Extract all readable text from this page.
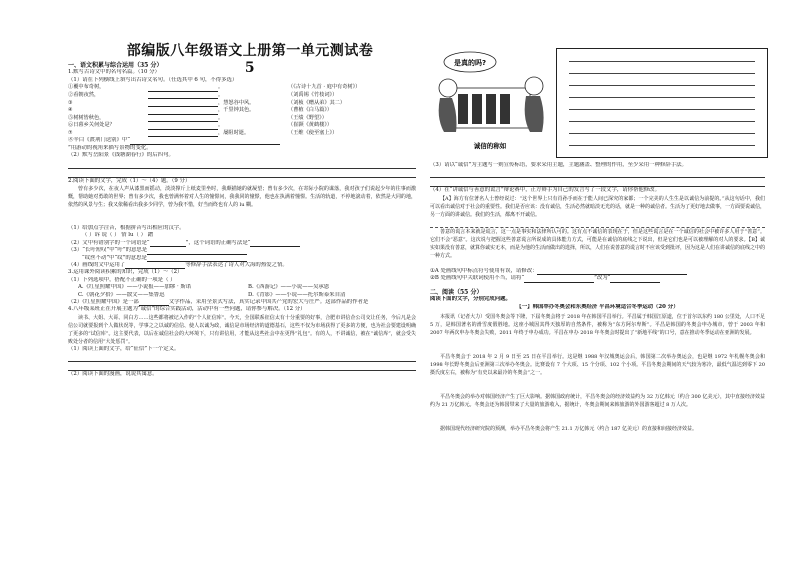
部编版八年级语文上册第一单元测试卷 5
一、语文积累与综合运用（35 分）
1.默写古诗文中的名句名篇。（10 分）
（1）请在下列横线上填写出古诗文名句。（任选其中 6 句，不得多选）
①覆中布奇树，	。	（《古诗十九首 · 庭中有奇树》）
②看朝夜然，	。	（刘禹锡《竹枝词》）
③	，慧怒谷中风。	（刘桢《赠从弟》其二）
④	，千里钟其色。	（曹植《白马篇》）
⑤树树皆秋色，	。	（王绩《野望》）
⑥日暮乡关何处是？	。	（崔颢《黄鹤楼》）
⑦	，屡阻时逝。	（王维《使至塞上》）
⑧辛白《渡荆门送别》中“
”用游动的视角来描写景物的变化。
（2）默写岳阳景《钱塘湖春行》的后四句。
2.阅读下面的文字，完成（1）～（4）题。（9 分）
曾有多少次，在夜人声从漆黑而摇动，淡淡撑斤上纸麦里坐时，我颇描她的就凝望；曾有多少次，在寄际小院的谋落，我对孩子们说起少年的往事而激慨，帮助她对勇敢的世界；曾有多少次，我也曾满怀着对人生的憧憬问，我我同的憧憬，他也在执满着憧憬。生活的轨道，不停地滚动着，依然是大同的地，依然的风景与生；我又依稀看出我多少同学，曾为我不惜，好当而终也有人的 lu 糊。
（1）给加点字注音，根据拼音写出相应的汉字。
（ ）诉 说（ ） 情 lu（ ） 蹭
（2）文中有错别字的一个词语是“	”，这个词语的正确写法是“
（3）“长吁短叹”中“吁”的意思是
“纹丝不动”中“纹”的意思是
（4）画线的文中运用了	等修辞手法表达了诗人对大海的热爱之情。
3.运用课外阅读积累的知识，完成（1）～（2）
（1）下列选项中，搭配不正确的一项是（ ）
A.《红星照耀中国》——小说报——加缪 · 斯诺	B.《西游记》——小说——吴承恩
C.《朝花夕拾》——散文——集鲁迅	D.《背影》——小说——托尔斯泰朱自清
（2）《红星照耀中国》是一部	文学作品，采用全景式写法，真实记录中国共产党的宏大与庄严。这部作品的作者是
4.八年级某班正在开展主题为“诚信”的综合实践活动，活动中有一些问题，请你参与解决。（12 分）
读书、大姐、大哥、同白方……这些都将被记入作的“个人征信库”。今天，全国联系征信太有十分重要的好事，合肥市讲信企公司交让任务，今后凡是会信公司就要报到个人做状况等，学事之之以诚的信信、使人以诚为政，诚信是市场经济的道德基石，这些不仅为市场获得了更多的方便，也为社会要建设明确了更多的“试信库”。这主要代表，以后在诚信社会的大环境下，只有讲信用，才能从这些社会中在更得“礼包”。有的人，不讲诚信，被在“诚信库”，就会受失败处分者的信用“大处惩罚”。
（1）阅读上面的文字，给“征信”下一个定义。
（2）阅读下面的漫画，说说其寓意。
是真的吗?
诚信的称如
（3）请以“诚信”为主题写一则宣传标语，要求采用主题，主题涵盖、整理的作用，至少采用一种修辞手法。
（4）在“讲诚信与善意的谎言”辩论赛中，正方辩手为自己的发言写了一段文字，请你帮他修改。
【A】海方有位著名人士曾经说过：“这个世界上只有肖孙手而在于能人间已深究的家都；一个完美的人生生是以诚信为前提的。”从这句话中，我们可以看出诚信对于社会的重要性。我们是否应该：没有诚信，生活必然就暗淡无光的话，就是一种的诚信者。生活为了更好地去做事，一方面要说诚信，另一方面的讲诚信。我们的生活，都离不开诚信。
善意的谎言本来就是谎言，这一点是事实和法律所认可的。这有点不诚信的表现在于，但是这些谎言是在一个诚信的社会中被许多人用于“善意”。它们不会“恶意”。这次说与把握这些善意谎言所说成的具体能力方式，可能是在诚信的底线之下说出，但是它们也是可以被理解的对人的要求。【B】诚实如果没有善意，就算你诚实无本，而是为他的生活而做出的选择，所以，人们在说善意的谎言时不应该受到批评，因为这是人们在讲诚信的底线之中的一种方式。
①A 处画线句中标点符号使用有误，请修改：
②B 处画线句中关联词使用不当，请将“	”改为“
二、阅读（55 分）
阅读下面的文字，分别完成问题。
【一】韩国举办冬奥会和东奥经济 平昌环境适合冬季运动（20 分）
本报讯（记者大力）受国冬奥会等下隆，下届冬奥会将于 2018 年在韩国平昌举行。平昌属于韩国江原道，位于首尔以东约 180 公里处，人口不足 5 万，是韩国著名的滑雪度假胜地。这座小城因其得天独厚的自然条件，被称为“东方阿尔卑斯”。平昌是韩国的冬奥会申办城市，曾于 2003 年和 2007 年两次申办冬奥会失败，2011 年终于申办成功。平昌在申办 2018 年冬奥会时提出了“新地平线”的口号，意在推动冬季运动在亚洲的发展。
平昌冬奥会于 2018 年 2 月 9 日至 25 日在平昌举行。这是继 1988 年汉城奥运会后，韩国第二次举办奥运会，也是继 1972 年札幌冬奥会和 1998 年长野冬奥会后亚洲第三次举办冬奥会。比赛设有 7 个大项、15 个分项、102 个小项。平昌冬奥会期间的天气较为寒冷，最低气温达到零下 20 摄氏度左右，被称为“有史以来最冷的冬奥会”之一。
平昌冬奥会的举办对韩国经济产生了巨大影响。据韩国政府统计，平昌冬奥会的经济效益约为 32 万亿韩元（约合 300 亿美元），其中直接经济效益约为 21 万亿韩元。冬奥会还为韩国带来了大量的旅游收入，据统计，冬奥会期间来韩旅游的外国游客超过 8 万人次。
据韩国现代经济研究院的预测，举办平昌冬奥会将产生 21.1 万亿韩元（约合 187 亿美元）的直接和间接经济效益。
